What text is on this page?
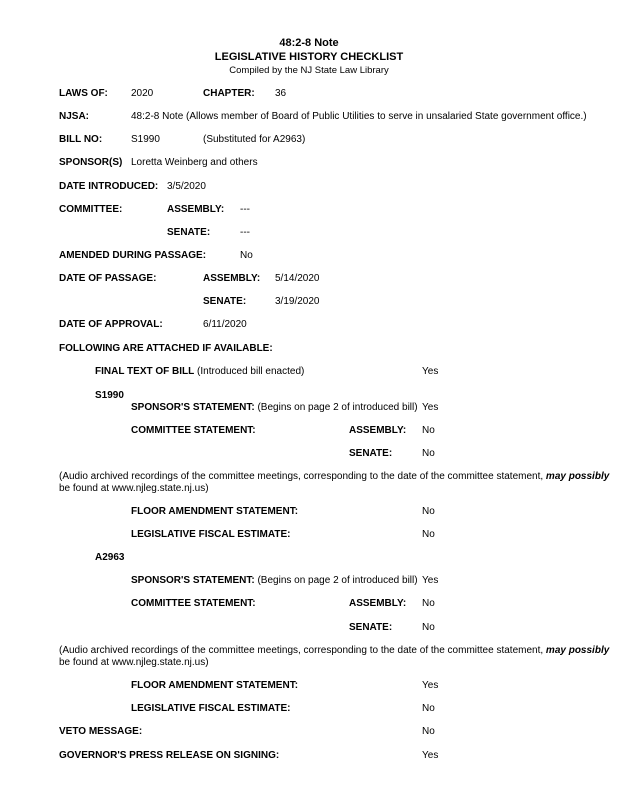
48:2-8 Note
LEGISLATIVE HISTORY CHECKLIST
Compiled by the NJ State Law Library
LAWS OF: 2020	CHAPTER: 36
NJSA:	48:2-8 Note (Allows member of Board of Public Utilities to serve in unsalaried State government office.)
BILL NO:	S1990	(Substituted for A2963)
SPONSOR(S) Loretta Weinberg and others
DATE INTRODUCED: 3/5/2020
COMMITTEE:	ASSEMBLY: ---
SENATE:	---
AMENDED DURING PASSAGE:	No
DATE OF PASSAGE:	ASSEMBLY: 5/14/2020
SENATE:	3/19/2020
DATE OF APPROVAL:	6/11/2020
FOLLOWING ARE ATTACHED IF AVAILABLE:
FINAL TEXT OF BILL (Introduced bill enacted)	Yes
S1990
SPONSOR'S STATEMENT: (Begins on page 2 of introduced bill) Yes
COMMITTEE STATEMENT:	ASSEMBLY: No
SENATE:	No
(Audio archived recordings of the committee meetings, corresponding to the date of the committee statement, may possibly
be found at www.njleg.state.nj.us)
FLOOR AMENDMENT STATEMENT:	No
LEGISLATIVE FISCAL ESTIMATE:	No
A2963
SPONSOR'S STATEMENT: (Begins on page 2 of introduced bill) Yes
COMMITTEE STATEMENT:	ASSEMBLY: No
SENATE:	No
(Audio archived recordings of the committee meetings, corresponding to the date of the committee statement, may possibly
be found at www.njleg.state.nj.us)
FLOOR AMENDMENT STATEMENT:	Yes
LEGISLATIVE FISCAL ESTIMATE:	No
VETO MESSAGE:	No
GOVERNOR'S PRESS RELEASE ON SIGNING:	Yes
